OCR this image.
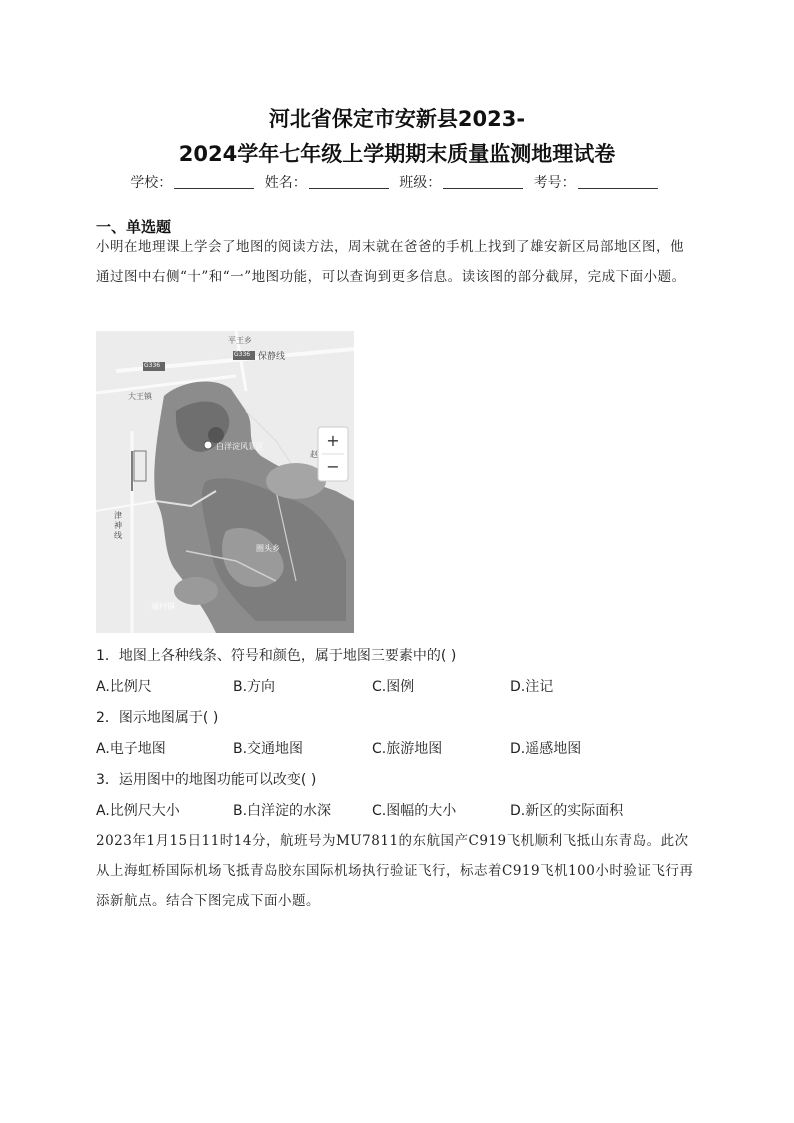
河北省保定市安新县2023-
2024学年七年级上学期期末质量监测地理试卷
学校：	姓名：	班级：	考号：
一、单选题
小明在地理课上学会了地图的阅读方法，周末就在爸爸的手机上找到了雄安新区局部地区图，他通过图中右侧“十”和“一”地图功能，可以查询到更多信息。读该图的部分截屏，完成下面小题。
平王乡
G336
G336 保静线
大王镇
白洋淀风景区
赵
津
神
线
圈头乡
端村镇
+
−
1．地图上各种线条、符号和颜色，属于地图三要素中的( )
A.比例尺	B.方向	C.图例	D.注记
2．图示地图属于( )
A.电子地图	B.交通地图	C.旅游地图	D.遥感地图
3．运用图中的地图功能可以改变( )
A.比例尺大小	B.白洋淀的水深	C.图幅的大小	D.新区的实际面积
2023年1月15日11时14分，航班号为MU7811的东航国产C919飞机顺利飞抵山东青岛。此次从上海虹桥国际机场飞抵青岛胶东国际机场执行验证飞行，标志着C919飞机100小时验证飞行再添新航点。结合下图完成下面小题。
